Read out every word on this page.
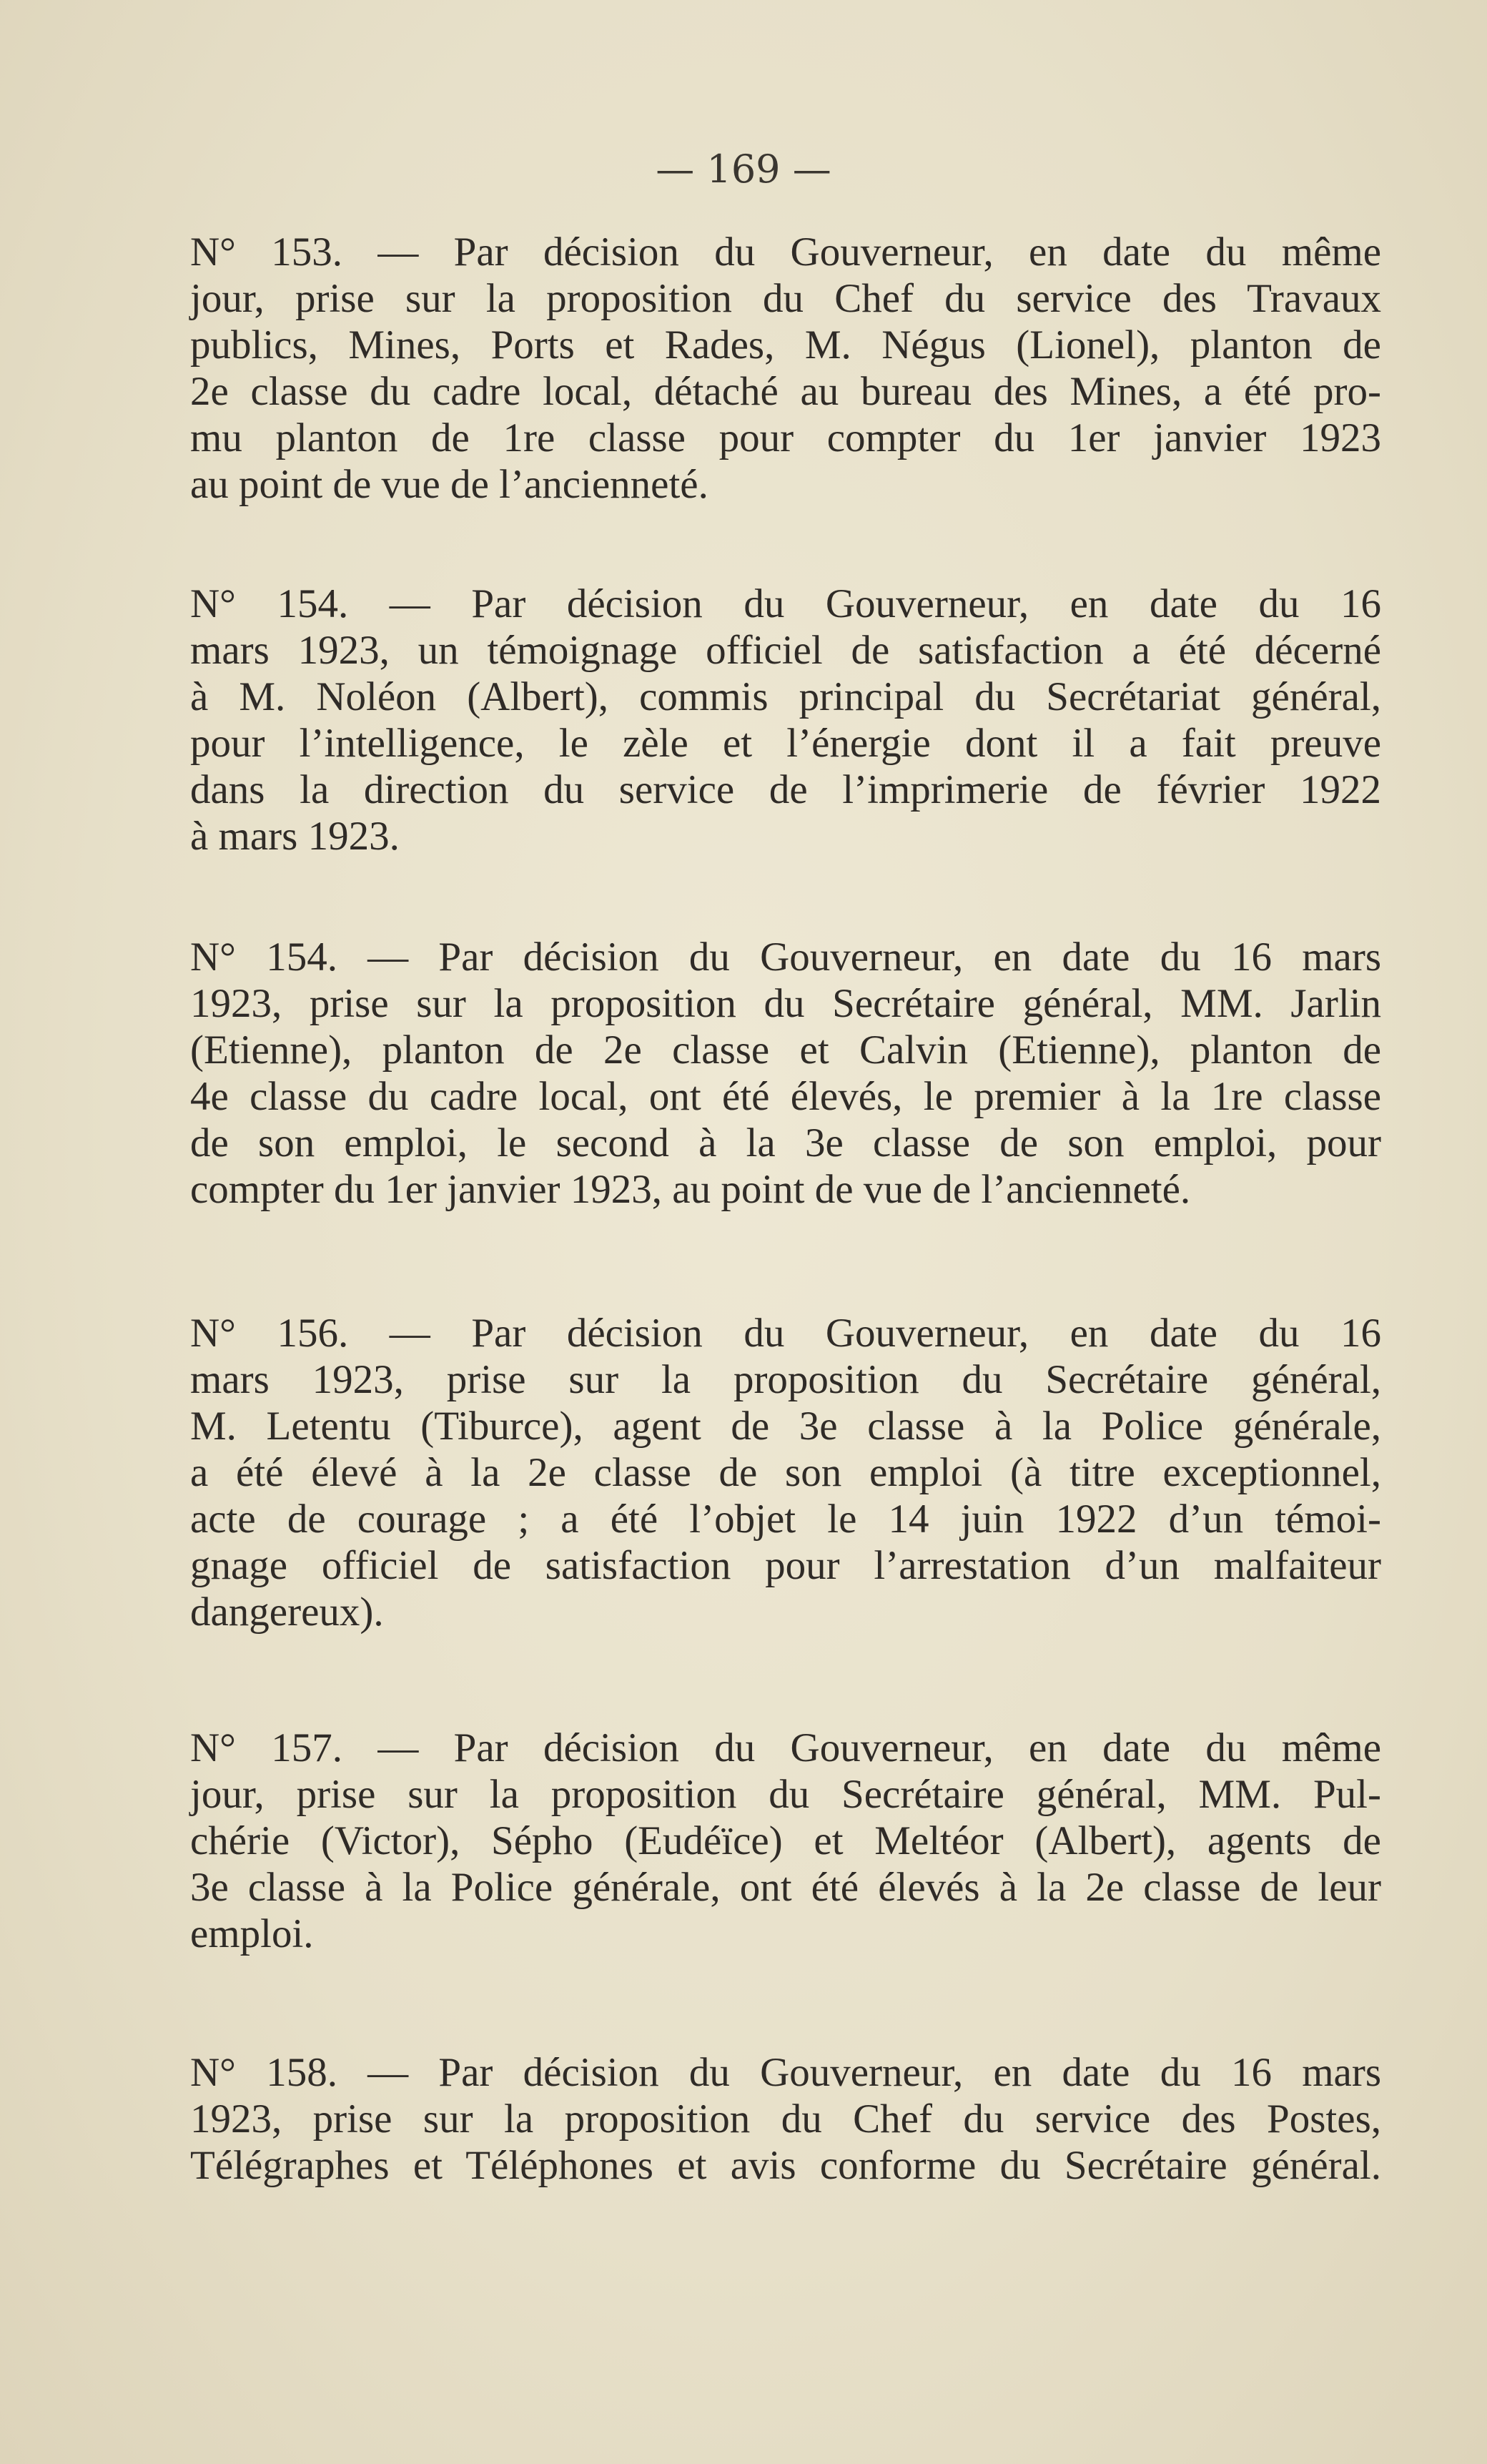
— 169 —
N° 153. — Par décision du Gouverneur, en date du même
jour, prise sur la proposition du Chef du service des Travaux
publics, Mines, Ports et Rades, M. Négus (Lionel), planton de
2e classe du cadre local, détaché au bureau des Mines, a été pro-
mu planton de 1re classe pour compter du 1er janvier 1923
au point de vue de l’ancienneté.
N° 154. — Par décision du Gouverneur, en date du 16
mars 1923, un témoignage officiel de satisfaction a été décerné
à M. Noléon (Albert), commis principal du Secrétariat général,
pour l’intelligence, le zèle et l’énergie dont il a fait preuve
dans la direction du service de l’imprimerie de février 1922
à mars 1923.
N° 154. — Par décision du Gouverneur, en date du 16 mars
1923, prise sur la proposition du Secrétaire général, MM. Jarlin
(Etienne), planton de 2e classe et Calvin (Etienne), planton de
4e classe du cadre local, ont été élevés, le premier à la 1re classe
de son emploi, le second à la 3e classe de son emploi, pour
compter du 1er janvier 1923, au point de vue de l’ancienneté.
N° 156. — Par décision du Gouverneur, en date du 16
mars 1923, prise sur la proposition du Secrétaire général,
M. Letentu (Tiburce), agent de 3e classe à la Police générale,
a été élevé à la 2e classe de son emploi (à titre exceptionnel,
acte de courage ; a été l’objet le 14 juin 1922 d’un témoi-
gnage officiel de satisfaction pour l’arrestation d’un malfaiteur
dangereux).
N° 157. — Par décision du Gouverneur, en date du même
jour, prise sur la proposition du Secrétaire général, MM. Pul-
chérie (Victor), Sépho (Eudéïce) et Meltéor (Albert), agents de
3e classe à la Police générale, ont été élevés à la 2e classe de leur
emploi.
N° 158. — Par décision du Gouverneur, en date du 16 mars
1923, prise sur la proposition du Chef du service des Postes,
Télégraphes et Téléphones et avis conforme du Secrétaire général.
